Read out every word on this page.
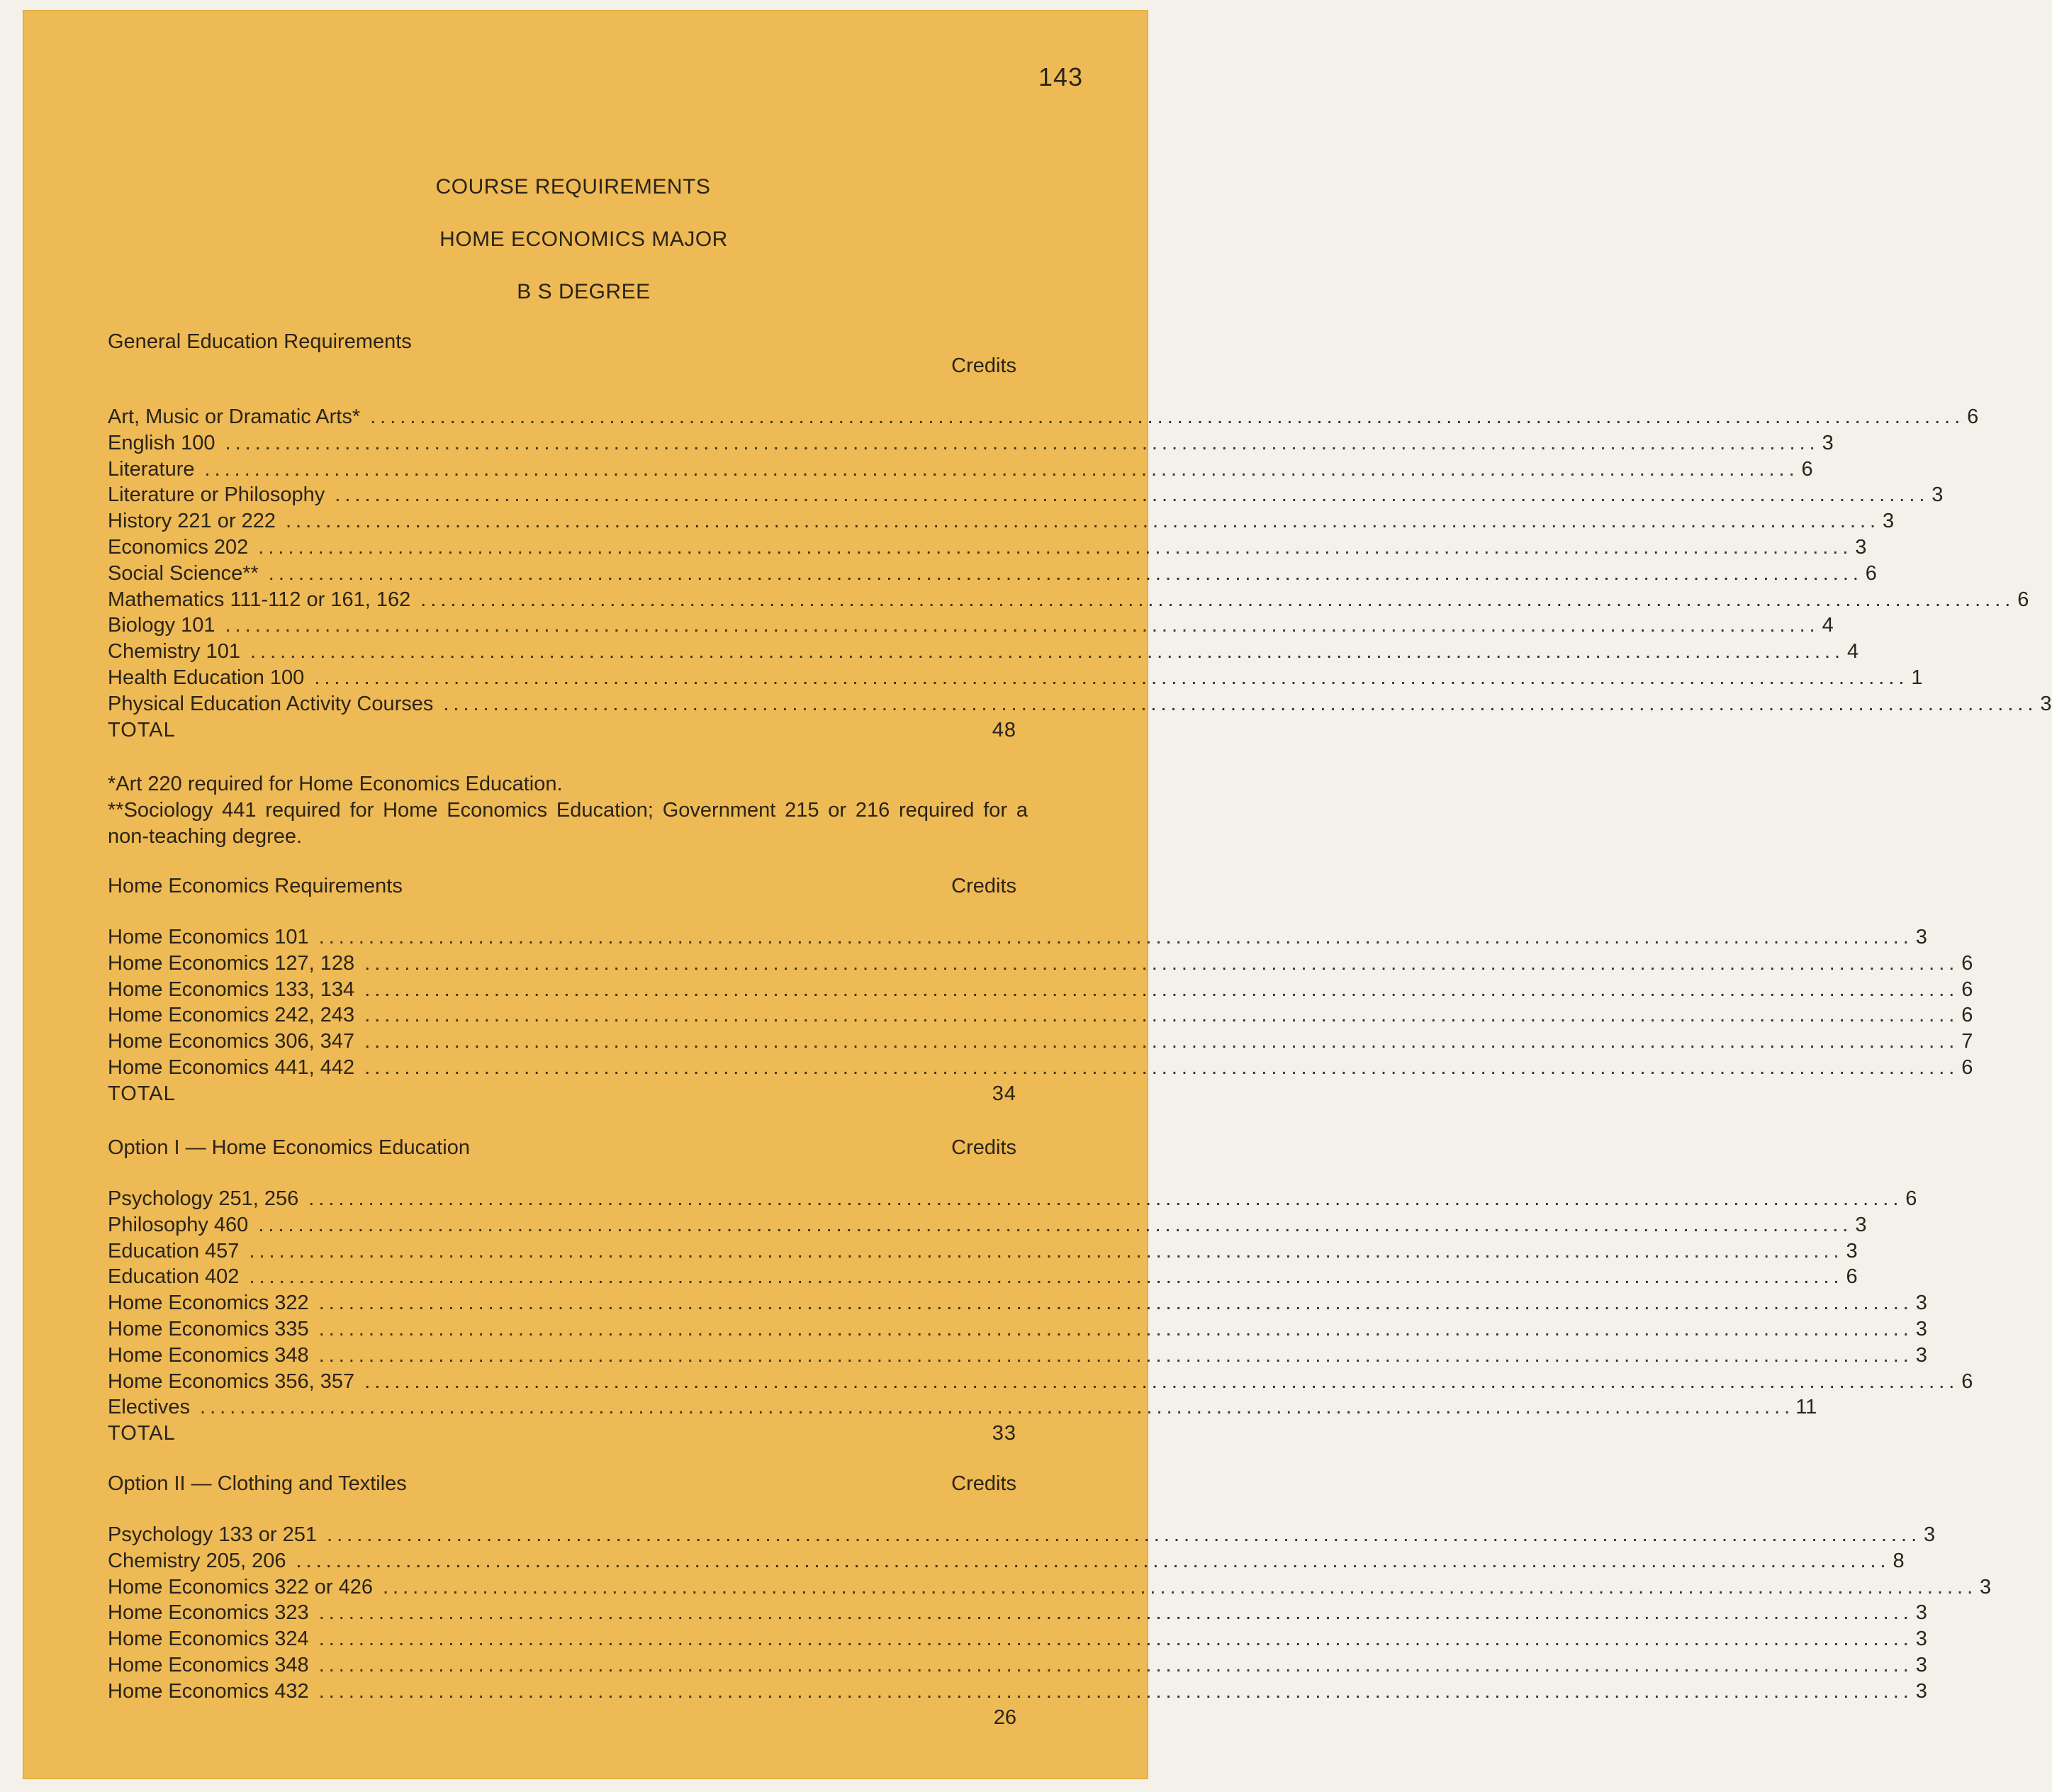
143
COURSE REQUIREMENTS
HOME ECONOMICS MAJOR
B S DEGREE
General Education Requirements
Credits
Art, Music or Dramatic Arts* ................................................................................................................................................................ 6
English 100 ................................................................................................................................................................ 3
Literature ................................................................................................................................................................ 6
Literature or Philosophy ................................................................................................................................................................ 3
History 221 or 222 ................................................................................................................................................................ 3
Economics 202 ................................................................................................................................................................ 3
Social Science** ................................................................................................................................................................ 6
Mathematics 111-112 or 161, 162 ................................................................................................................................................................ 6
Biology 101 ................................................................................................................................................................ 4
Chemistry 101 ................................................................................................................................................................ 4
Health Education 100 ................................................................................................................................................................ 1
Physical Education Activity Courses ................................................................................................................................................................ 3
TOTAL	48

*Art 220 required for Home Economics Education.

**Sociology 441 required for Home Economics Education; Government 215 or 216 required for a non-teaching degree.

Home Economics Requirements	Credits
Home Economics 101 ................................................................................................................................................................ 3
Home Economics 127, 128 ................................................................................................................................................................ 6
Home Economics 133, 134 ................................................................................................................................................................ 6
Home Economics 242, 243 ................................................................................................................................................................ 6
Home Economics 306, 347 ................................................................................................................................................................ 7
Home Economics 441, 442 ................................................................................................................................................................ 6
TOTAL	34
Option I — Home Economics Education	Credits
Psychology 251, 256 ................................................................................................................................................................ 6
Philosophy 460 ................................................................................................................................................................ 3
Education 457 ................................................................................................................................................................ 3
Education 402 ................................................................................................................................................................ 6
Home Economics 322 ................................................................................................................................................................ 3
Home Economics 335 ................................................................................................................................................................ 3
Home Economics 348 ................................................................................................................................................................ 3
Home Economics 356, 357 ................................................................................................................................................................ 6
Electives ................................................................................................................................................................ 11
TOTAL	33
Option II — Clothing and Textiles	Credits
Psychology 133 or 251 ................................................................................................................................................................ 3
Chemistry 205, 206 ................................................................................................................................................................ 8
Home Economics 322 or 426 ................................................................................................................................................................ 3
Home Economics 323 ................................................................................................................................................................ 3
Home Economics 324 ................................................................................................................................................................ 3
Home Economics 348 ................................................................................................................................................................ 3
Home Economics 432 ................................................................................................................................................................ 3
26
